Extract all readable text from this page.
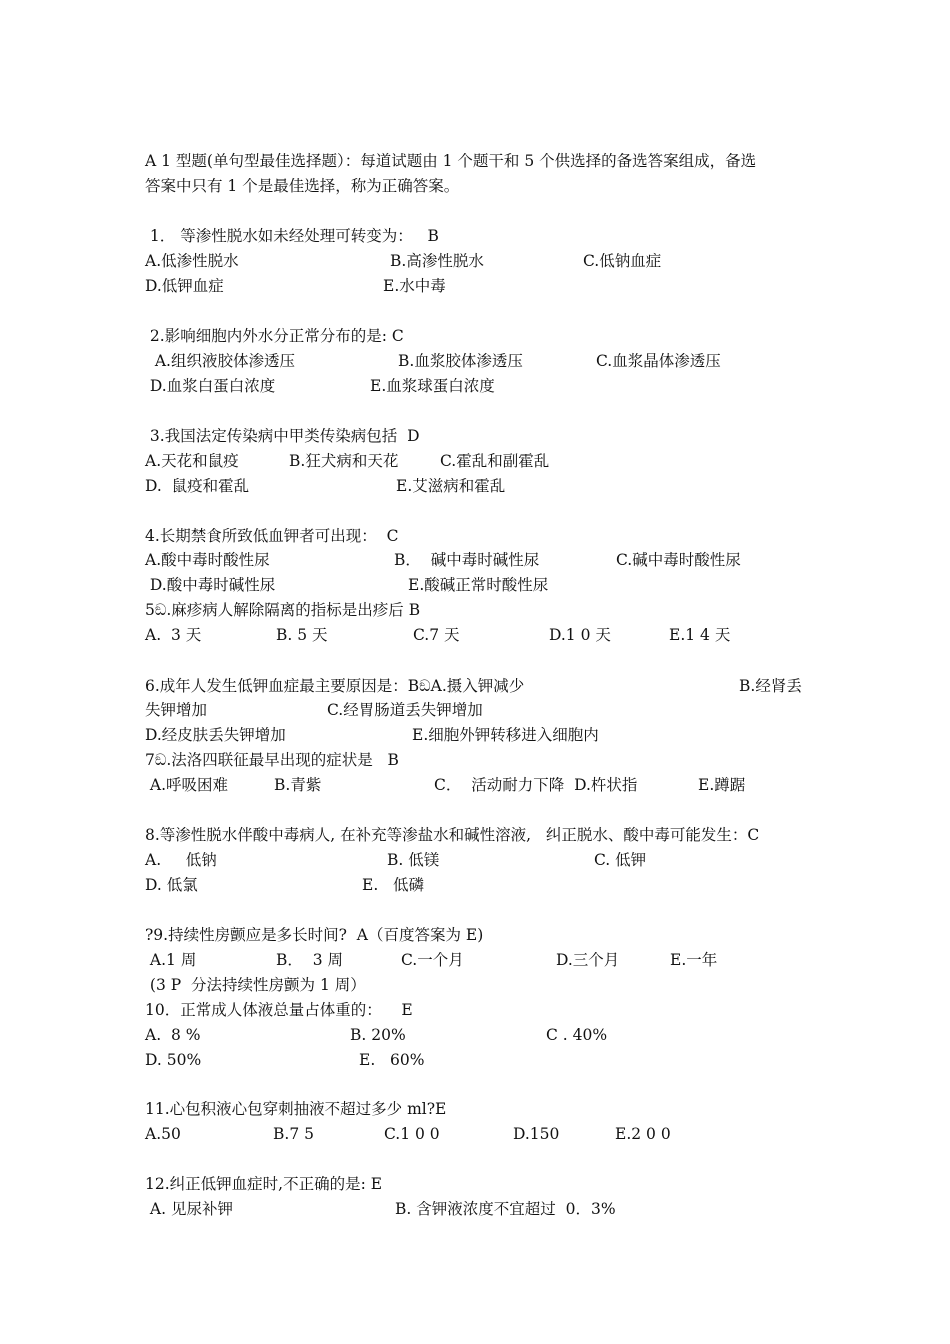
A 1 型题(单句型最佳选择题）：每道试题由 1 个题干和 5 个供选择的备选答案组成，备选
答案中只有 1 个是最佳选择，称为正确答案。
1． 等渗性脱水如未经处理可转变为：   B
A.低渗性脱水	B.高渗性脱水	C.低钠血症
D.低钾血症	E.水中毒
2.影响细胞内外水分正常分布的是: C
A.组织液胶体渗透压	B.血浆胶体渗透压	C.血浆晶体渗透压
D.血浆白蛋白浓度	E.血浆球蛋白浓度
3.我国法定传染病中甲类传染病包括  D
A.天花和鼠疫	B.狂犬病和天花	C.霍乱和副霍乱
D.  鼠疫和霍乱	E.艾滋病和霍乱
4.长期禁食所致低血钾者可出现：  C
A.酸中毒时酸性尿	B．  碱中毒时碱性尿	C.碱中毒时酸性尿
D.酸中毒时碱性尿	E.酸碱正常时酸性尿
5ඞ.麻疹病人解除隔离的指标是出疹后 B
A.  3 天	B. 5 天	C.7 天	D.1 0 天	E.1 4 天
6.成年人发生低钾血症最主要原因是：BඞA.摄入钾减少	B.经肾丢
失钾增加	C.经胃肠道丢失钾增加
D.经皮肤丢失钾增加	E.细胞外钾转移进入细胞内
7ඞ.法洛四联征最早出现的症状是   B
A.呼吸困难	B.青紫	C．  活动耐力下降  D.杵状指	E.蹲踞
8.等渗性脱水伴酸中毒病人, 在补充等渗盐水和碱性溶液,   纠正脱水、酸中毒可能发生：C
A.     低钠	B. 低镁	C. 低钾
D. 低氯	E.   低磷
?9.持续性房颤应是多长时间?  A（百度答案为 E)
A.1 周	B．  3 周	C.一个月	D.三个月	E.一年
(3 P  分法持续性房颤为 1 周）
10．正常成人体液总量占体重的：    E
A.  8 %	B. 20%	C . 40%
D. 50%	E.   60%
11.心包积液心包穿刺抽液不超过多少 ml?E
A.50	B.7 5	C.1 0 0	D.150	E.2 0 0
12.纠正低钾血症时,不正确的是: E
A. 见尿补钾	B. 含钾液浓度不宜超过  0．3%
